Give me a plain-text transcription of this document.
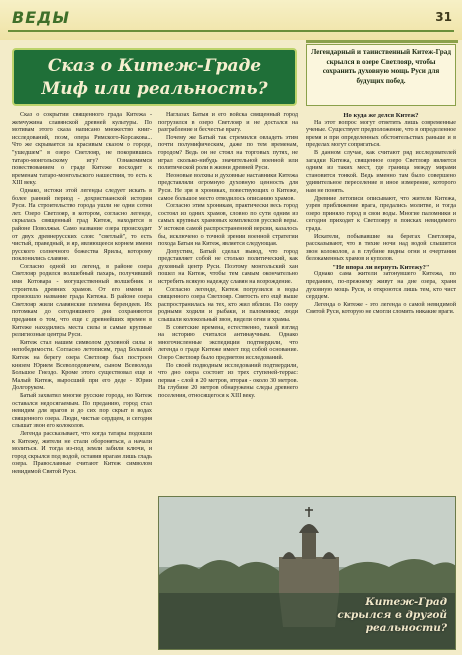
ВЕДЫ	31
Сказ о Китеж-Граде
Миф или реальность?
Легендарный и таинственный Китеж-Град скрылся в озере Светлояр, чтобы сохранить духовную мощь Руси для будущих побед.

Сказ о сокрытии священного града Китежа - жемчужина славянской древней культуры. По мотивам этого сказа написано множество книг-исследований, поэм, опера Римского-Корсакова... Что же скрывается за красивым сказом о городе, "ушедшем" в озеро Светлояр, не покорившись татаро-монгольскому игу? Ознакомимся повествованием о граде Китеже восходит к временам татаро-монгольского нашествия, то есть к XIII веку.

Однако, истоки этой легенды следует искать в более ранний период - дохристианской истории Руси. На строительство города ушли не одни сотни лет. Озеро Светлояр, в котором, согласно легенде, скрылась священный град Китеж, находится в районе Поволжья. Само название озера происходит от двух древнерусских слов: "светлый", то есть чистый, праведный, и яр, являющееся корнем имени русского солнечного божества Ярилы, которому поклонились славяне.

Согласно одной из легенд, в районе озера Светлояр родился волшебный пахарь, получивший имя Котовара - могущественный волшебник и строитель древних храмов. От его имени и произошло название града Китежа. В районе озера Светлояр жили славянские племена берендеев. Их потомкам до сегодняшнего дня сохраняются предания о том, что еще с древнейших времен в Китеже находились места силы и самые крупные религиозные центры Руси.

Китеж стал нашим символом духовной силы и непобедимости. Согласно летописям, град Большой Китеж на берегу озера Светлояр был построен князем Юрием Всеволодовичем, сыном Всеволода Большое Гнездо. Кроме этого существовал еще и Малый Китеж, выросший при его деде - Юрии Долгоруком.

Батый захватил многие русские города, но Китеж оставался недосягаемым. По преданию, город стал невидим для врагов и до сих пор скрыт в водах священного озера. Люди, чистые сердцем, и сегодня слышат звон его колоколов.

Легенда рассказывает, что когда татары подошли к Китежу, жители не стали обороняться, а начали молиться. И тогда из-под земли забили ключи, и город скрылся под водой, оставив врагам лишь гладь озера. Православные считают Китеж символом невидимой Святой Руси.

Наглазах Батыя и его войска священный город погрузился в озеро Светлояр и не достался на разграбление и бесчестье врагу.

Почему же Батый так стремился овладеть этим почти полумифическим, даже по тем временам, городом? Ведь он не стоял на торговых путях, не играл сколько-нибудь значительной военной или политической роли в жизни древней Руси.

Неоновые волхвы и духовные наставники Китежа представляли огромную духовную ценность для Руси. Не зря в хрониках, повествующих о Китеже, самое большое место отводилось описанию храмов.

Согласно этим хроникам, практически весь город состоял из одних храмов, словно по сути одним из самых крупных храмовых комплексов русской веры. У истоков самой распространенной версии, казалось бы, исключено о точной зрении военной стратегии похода Батыя на Китеж, является следующая.

Допустим, Батый сделал вывод, что город представляет собой не столько политический, как духовный центр Руси. Поэтому монгольский хан пошел на Китеж, чтобы тем самым окончательно истребить всякую надежду славян на возрождение.

Согласно легенде, Китеж погрузился в воды священного озера Светлояр. Святость его ещё выше распространилась на тех, кто жил вблизи. По озеру родными ходили и рыбаки, и паломники; люди слышали колокольный звон, видели огни и храмы.

В советские времена, естественно, такой взгляд на историю считался антинаучным. Однако многочисленные экспедиции подтвердили, что легенда о граде Китеже имеет под собой основание. Озеро Светлояр было предметом исследований.

По своей подводным исследований подтвердили, что дно озера состоит из трех ступеней-террас: первая - слой в 20 метров, вторая - около 30 метров. На глубине 20 метров обнаружены следы древнего поселения, относящегося к XIII веку.

Но куда же делся Китеж?

На этот вопрос могут ответить лишь современные ученые. Существует предположение, что в определенное время и при определенных обстоятельствах раньше и в пределах могут сопрягаться.

В данном случае, как считают ряд исследователей загадки Китежа, священное озеро Светлояр является одним из таких мест, где граница между мирами становится тонкой. Ведь именно там было совершено удивительное переселение в иное измерение, которого нам не понять.

Древние летописи описывают, что жители Китежа, узрев приближение врага, предались молитве, и тогда озеро приняло город в свои воды. Многие паломники и сегодня приходят к Светлояру в поисках невидимого града.

Искатели, побывавшие на берегах Светлояра, рассказывают, что в тихие ночи над водой слышится звон колоколов, а в глубине видны огни и очертания белокаменных храмов и куполов.

"Не впора ли вернуть Китежу?"

Однако сама жители затонувшего Китежа, по преданию, по-прежнему живут на дне озера, храня духовную мощь Руси, и откроются лишь тем, кто чист сердцем.

Легенда о Китеже - это легенда о самой невидимой Святой Руси, которую не смогли сломить никакие враги.

Китеж-Град
скрылся в другой
реальности?
